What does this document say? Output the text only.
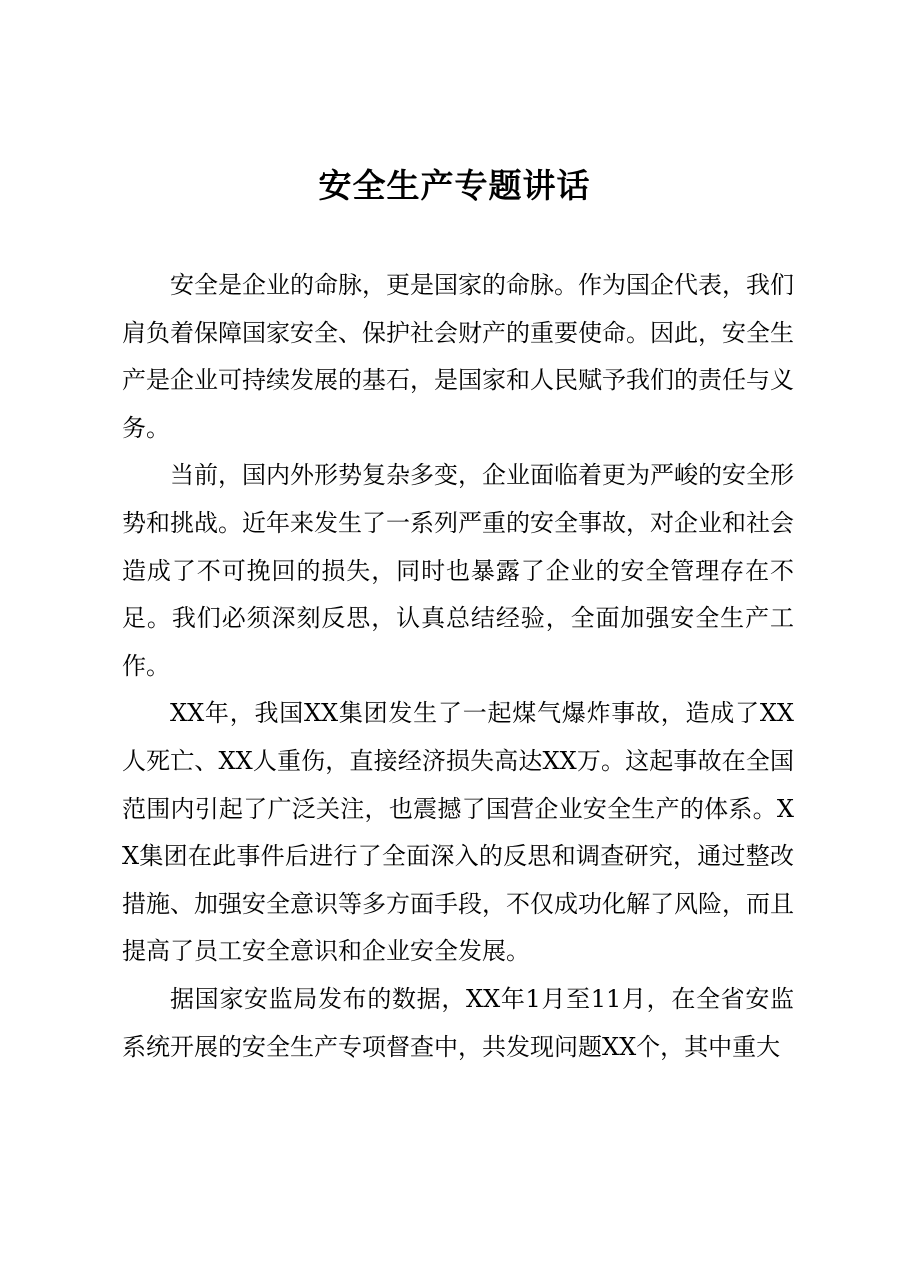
安全生产专题讲话

安全是企业的命脉，更是国家的命脉。作为国企代表，我们肩负着保障国家安全、保护社会财产的重要使命。因此，安全生产是企业可持续发展的基石，是国家和人民赋予我们的责任与义务。

当前，国内外形势复杂多变，企业面临着更为严峻的安全形势和挑战。近年来发生了一系列严重的安全事故，对企业和社会造成了不可挽回的损失，同时也暴露了企业的安全管理存在不足。我们必须深刻反思，认真总结经验，全面加强安全生产工作。

XX年，我国XX集团发生了一起煤气爆炸事故，造成了XX人死亡、XX人重伤，直接经济损失高达XX万。这起事故在全国范围内引起了广泛关注，也震撼了国营企业安全生产的体系。XX集团在此事件后进行了全面深入的反思和调查研究，通过整改措施、加强安全意识等多方面手段，不仅成功化解了风险，而且提高了员工安全意识和企业安全发展。

据国家安监局发布的数据，XX年1月至11月，在全省安监系统开展的安全生产专项督查中，共发现问题XX个，其中重大
